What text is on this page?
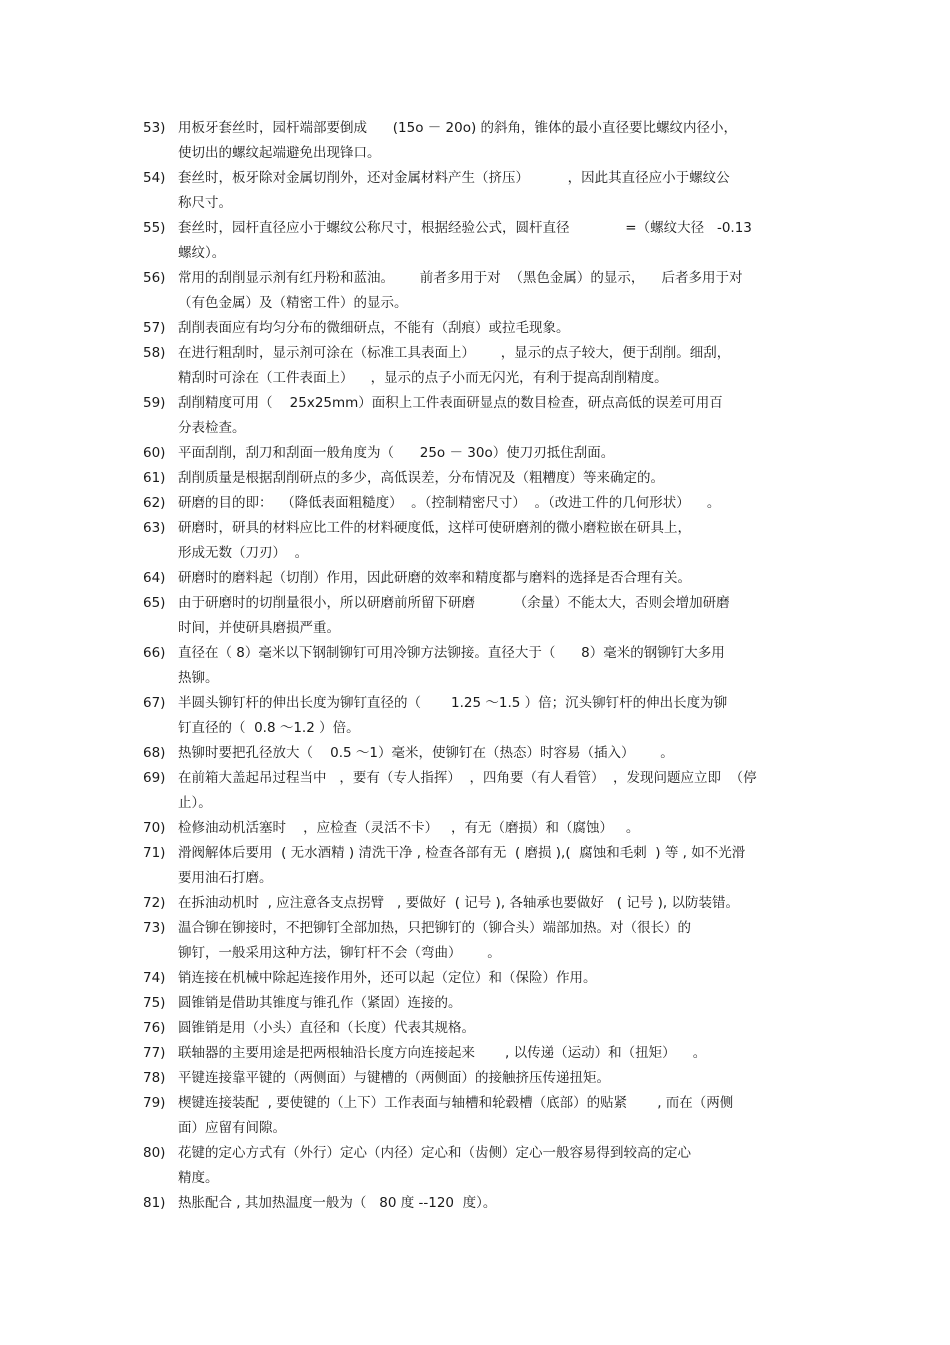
53) 用板牙套丝时，园杆端部要倒成      (15o － 20o) 的斜角，锥体的最小直径要比螺纹内径小，
使切出的螺纹起端避免出现锋口。
54) 套丝时，板牙除对金属切削外，还对金属材料产生（挤压）         ，因此其直径应小于螺纹公
称尺寸。
55) 套丝时，园杆直径应小于螺纹公称尺寸，根据经验公式，圆杆直径             =（螺纹大径   -0.13
螺纹）。
56) 常用的刮削显示剂有红丹粉和蓝油。      前者多用于对  （黑色金属）的显示，    后者多用于对
（有色金属）及（精密工件）的显示。
57) 刮削表面应有均匀分布的微细研点，不能有（刮痕）或拉毛现象。
58) 在进行粗刮时，显示剂可涂在（标准工具表面上）      ，显示的点子较大，便于刮削。细刮，
精刮时可涂在（工件表面上）    ，显示的点子小而无闪光，有利于提高刮削精度。
59) 刮削精度可用（    25x25mm）面积上工件表面研显点的数目检查，研点高低的误差可用百
分表检查。
60) 平面刮削，刮刀和刮面一般角度为（      25o － 30o）使刀刃抵住刮面。
61) 刮削质量是根据刮削研点的多少，高低误差，分布情况及（粗糟度）等来确定的。
62) 研磨的目的即：  （降低表面粗糙度）  。（控制精密尺寸）  。（改进工件的几何形状）    。
63) 研磨时，研具的材料应比工件的材料硬度低，这样可使研磨剂的微小磨粒嵌在研具上，
形成无数（刀刃）  。
64) 研磨时的磨料起（切削）作用，因此研磨的效率和精度都与磨料的选择是否合理有关。
65) 由于研磨时的切削量很小，所以研磨前所留下研磨         （余量）不能太大，否则会增加研磨
时间，并使研具磨损严重。
66) 直径在（ 8）毫米以下钢制铆钉可用冷铆方法铆接。直径大于（      8）毫米的钢铆钉大多用
热铆。
67) 半圆头铆钉杆的伸出长度为铆钉直径的（       1.25 ～1.5 ）倍；沉头铆钉杆的伸出长度为铆
钉直径的（  0.8 ～1.2 ）倍。
68) 热铆时要把孔径放大（    0.5 ～1）毫米，使铆钉在（热态）时容易（插入）      。
69) 在前箱大盖起吊过程当中   ，要有（专人指挥）  ，四角要（有人看管）  ，发现问题应立即  （停
止）。
70) 检修油动机活塞时    ，应检查（灵活不卡）   ，有无（磨损）和（腐蚀）   。
71) 滑阀解体后要用  ( 无水酒精 ) 清洗干净 , 检查各部有无  ( 磨损 ),(  腐蚀和毛刺  ) 等 , 如不光滑
要用油石打磨。
72) 在拆油动机时  , 应注意各支点拐臂   , 要做好  ( 记号 ), 各轴承也要做好   ( 记号 ), 以防装错。
73) 温合铆在铆接时，不把铆钉全部加热，只把铆钉的（铆合头）端部加热。对（很长）的
铆钉，一般采用这种方法，铆钉杆不会（弯曲）      。
74) 销连接在机械中除起连接作用外，还可以起（定位）和（保险）作用。
75) 圆锥销是借助其锥度与锥孔作（紧固）连接的。
76) 圆锥销是用（小头）直径和（长度）代表其规格。
77) 联轴器的主要用途是把两根轴沿长度方向连接起来       , 以传递（运动）和（扭矩）    。
78) 平键连接靠平键的（两侧面）与键槽的（两侧面）的接触挤压传递扭矩。
79) 楔键连接装配  , 要使键的（上下）工作表面与轴槽和轮毂槽（底部）的贴紧       , 而在（两侧
面）应留有间隙。
80) 花键的定心方式有（外行）定心（内径）定心和（齿侧）定心一般容易得到较高的定心
精度。
81) 热胀配合 , 其加热温度一般为（   80 度 --120  度）。
